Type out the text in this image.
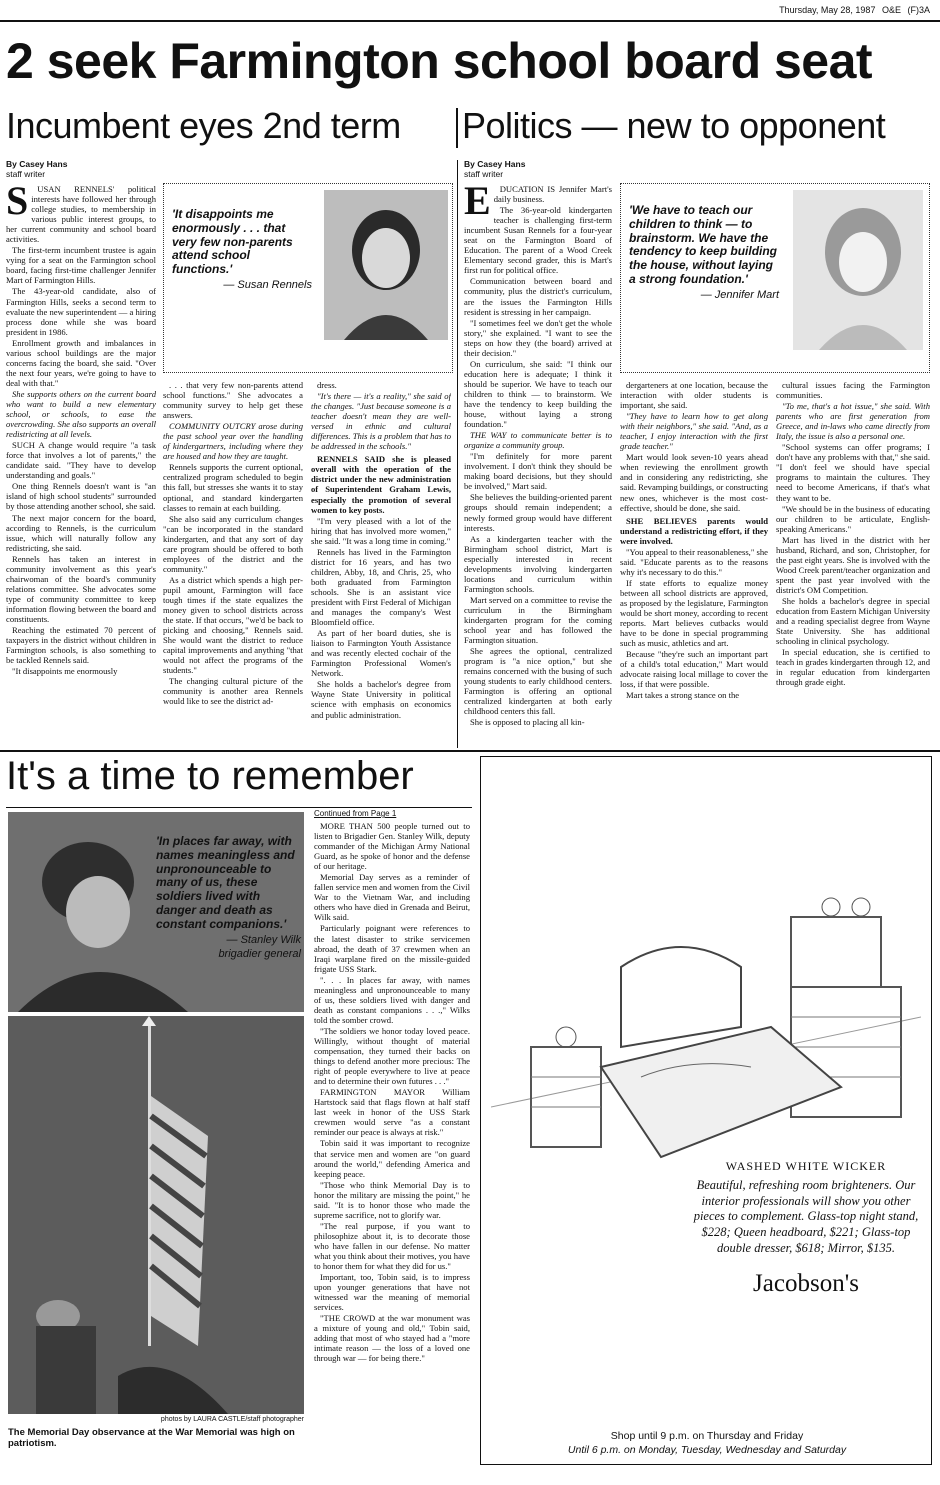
Thursday, May 28, 1987 O&E (F)3A
2 seek Farmington school board seat
Incumbent eyes 2nd term Politics — new to opponent
By Casey Hans
staff writer
'It disappoints me enormously . . . that very few non-parents attend school functions.'
— Susan Rennels
S	USAN RENNELS' political interests have followed her through college studies, to membership in various public interest groups, to her current community and school board activities.

The first-term incumbent trustee is again vying for a seat on the Farmington school board, facing first-time challenger Jennifer Mart of Farmington Hills.

The 43-year-old candidate, also of Farmington Hills, seeks a second term to evaluate the new superintendent — a hiring process done while she was board president in 1986.

Enrollment growth and imbalances in various school buildings are the major concerns facing the board, she said. "Over the next four years, we're going to have to deal with that."

She supports others on the current board who want to build a new elementary school, or schools, to ease the overcrowding. She also supports an overall redistricting at all levels.

SUCH A change would require "a task force that involves a lot of parents," the candidate said. "They have to develop understanding and goals."

One thing Rennels doesn't want is "an island of high school students" surrounded by those attending another school, she said.

The next major concern for the board, according to Rennels, is the curriculum issue, which will naturally follow any redistricting, she said.

Rennels has taken an interest in community involvement as this year's chairwoman of the board's community relations committee. She advocates some type of community committee to keep information flowing between the board and constituents.

Reaching the estimated 70 percent of taxpayers in the district without children in Farmington schools, is also something to be tackled Rennels said.

"It disappoints me enormously

. . . that very few non-parents attend school functions." She advocates a community survey to help get these answers.

COMMUNITY OUTCRY arose during the past school year over the handling of kindergartners, including where they are housed and how they are taught.

Rennels supports the current optional, centralized program scheduled to begin this fall, but stresses she wants it to stay optional, and standard kindergarten classes to remain at each building.

She also said any curriculum changes "can be incorporated in the standard kindergarten, and that any sort of day care program should be offered to both employees of the district and the community."

As a district which spends a high per-pupil amount, Farmington will face tough times if the state equalizes the money given to school districts across the state. If that occurs, "we'd be back to picking and choosing," Rennels said. She would want the district to reduce capital improvements and anything "that would not affect the programs of the students."

The changing cultural picture of the community is another area Rennels would like to see the district ad-

dress.

"It's there — it's a reality," she said of the changes. "Just because someone is a teacher doesn't mean they are well-versed in ethnic and cultural differences. This is a problem that has to be addressed in the schools."

RENNELS SAID she is pleased overall with the operation of the district under the new administration of Superintendent Graham Lewis, especially the promotion of several women to key posts.

"I'm very pleased with a lot of the hiring that has involved more women," she said. "It was a long time in coming."

Rennels has lived in the Farmington district for 16 years, and has two children, Abby, 18, and Chris, 25, who both graduated from Farmington schools. She is an assistant vice president with First Federal of Michigan and manages the company's West Bloomfield office.

As part of her board duties, she is liaison to Farmington Youth Assistance and was recently elected cochair of the Farmington Professional Women's Network.

She holds a bachelor's degree from Wayne State University in political science with emphasis on economics and public administration.

By Casey Hans
staff writer
E	DUCATION IS Jennifer Mart's daily business.

The 36-year-old kindergarten teacher is challenging first-term incumbent Susan Rennels for a four-year seat on the Farmington Board of Education. The parent of a Wood Creek Elementary second grader, this is Mart's first run for political office.

Communication between board and community, plus the district's curriculum, are the issues the Farmington Hills resident is stressing in her campaign.

"I sometimes feel we don't get the whole story," she explained. "I want to see the steps on how they (the board) arrived at their decision."

On curriculum, she said: "I think our education here is adequate; I think it should be superior. We have to teach our children to think — to brainstorm. We have the tendency to keep building the house, without laying a strong foundation."

THE WAY to communicate better is to organize a community group.

"I'm definitely for more parent involvement. I don't think they should be making board decisions, but they should be involved," Mart said.

She believes the building-oriented parent groups should remain independent; a newly formed group would have different interests.

As a kindergarten teacher with the Birmingham school district, Mart is especially interested in recent developments involving kindergarten locations and curriculum within Farmington schools.

Mart served on a committee to revise the curriculum in the Birmingham kindergarten program for the coming school year and has followed the Farmington situation.

She agrees the optional, centralized program is "a nice option," but she remains concerned with the busing of such young students to early childhood centers. Farmington is offering an optional centralized kindergarten at both early childhood centers this fall.

She is opposed to placing all kin-

'We have to teach our children to think — to brainstorm. We have the tendency to keep building the house, without laying a strong foundation.'
— Jennifer Mart

dergarteners at one location, because the interaction with older students is important, she said.

"They have to learn how to get along with their neighbors," she said. "And, as a teacher, I enjoy interaction with the first grade teacher."

Mart would look seven-10 years ahead when reviewing the enrollment growth and in considering any redistricting, she said. Revamping buildings, or constructing new ones, whichever is the most cost-effective, should be done, she said.

SHE BELIEVES parents would understand a redistricting effort, if they were involved.

"You appeal to their reasonableness," she said. "Educate parents as to the reasons why it's necessary to do this."

If state efforts to equalize money between all school districts are approved, as proposed by the legislature, Farmington would be short money, according to recent reports. Mart believes cutbacks would have to be done in special programming such as music, athletics and art.

Because "they're such an important part of a child's total education," Mart would advocate raising local millage to cover the loss, if that were possible.

Mart takes a strong stance on the

cultural issues facing the Farmington communities.

"To me, that's a hot issue," she said. With parents who are first generation from Greece, and in-laws who came directly from Italy, the issue is also a personal one.

"School systems can offer programs; I don't have any problems with that," she said. "I don't feel we should have special programs to maintain the cultures. They need to become Americans, if that's what they want to be.

"We should be in the business of educating our children to be articulate, English-speaking Americans."

Mart has lived in the district with her husband, Richard, and son, Christopher, for the past eight years. She is involved with the Wood Creek parent/teacher organization and spent the past year involved with the district's OM Competition.

She holds a bachelor's degree in special education from Eastern Michigan University and a reading specialist degree from Wayne State University. She has additional schooling in clinical psychology.

In special education, she is certified to teach in grades kindergarten through 12, and in regular education from kindergarten through grade eight.

It's a time to remember
'In places far away, with names meaningless and unpronounceable to many of us, these soldiers lived with danger and death as constant companions.'
— Stanley Wilk
brigadier general
photos by LAURA CASTLE/staff photographer
The Memorial Day observance at the War Memorial was high on patriotism.
Continued from Page 1

MORE THAN 500 people turned out to listen to Brigadier Gen. Stanley Wilk, deputy commander of the Michigan Army National Guard, as he spoke of honor and the defense of our heritage.

Memorial Day serves as a reminder of fallen service men and women from the Civil War to the Vietnam War, and including others who have died in Grenada and Beirut, Wilk said.

Particularly poignant were references to the latest disaster to strike servicemen abroad, the death of 37 crewmen when an Iraqi warplane fired on the missile-guided frigate USS Stark.

". . . In places far away, with names meaningless and unpronounceable to many of us, these soldiers lived with danger and death as constant companions . . .," Wilks told the somber crowd.

"The soldiers we honor today loved peace. Willingly, without thought of material compensation, they turned their backs on things to defend another more precious: The right of people everywhere to live at peace and to determine their own futures . . ."

FARMINGTON MAYOR William Hartstock said that flags flown at half staff last week in honor of the USS Stark crewmen would serve "as a constant reminder our peace is always at risk."

Tobin said it was important to recognize that service men and women are "on guard around the world," defending America and keeping peace.

"Those who think Memorial Day is to honor the military are missing the point," he said. "It is to honor those who made the supreme sacrifice, not to glorify war.

"The real purpose, if you want to philosophize about it, is to decorate those who have fallen in our defense. No matter what you think about their motives, you have to honor them for what they did for us."

Important, too, Tobin said, is to impress upon younger generations that have not witnessed war the meaning of memorial services.

"THE CROWD at the war monument was a mixture of young and old," Tobin said, adding that most of who stayed had a "more intimate reason — the loss of a loved one through war — for being there."

WASHED WHITE WICKER
Beautiful, refreshing room brighteners. Our interior professionals will show you other pieces to complement. Glass-top night stand, $228; Queen headboard, $221; Glass-top double dresser, $618; Mirror, $135.
Jacobson's
Shop until 9 p.m. on Thursday and Friday
Until 6 p.m. on Monday, Tuesday, Wednesday and Saturday
